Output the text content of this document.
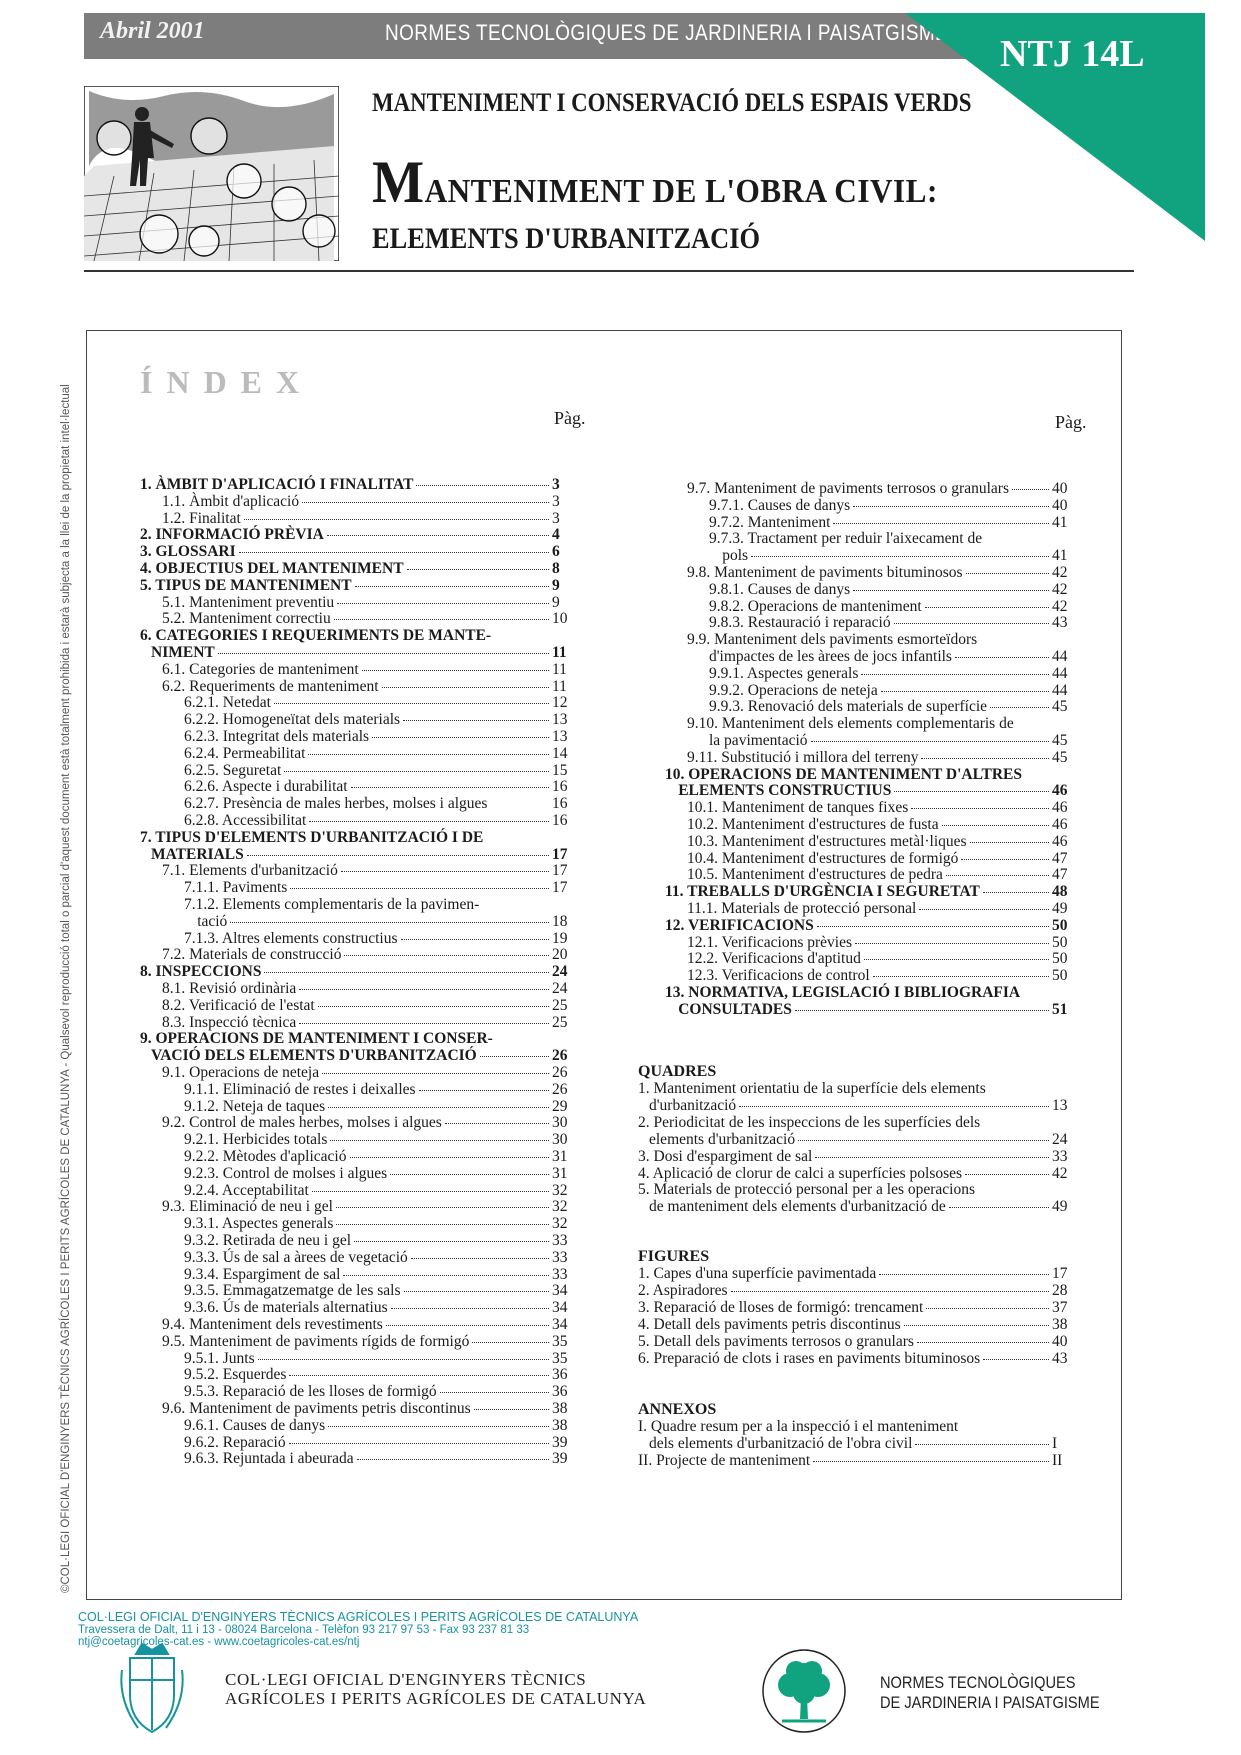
Abril 2001	NORMES TECNOLÒGIQUES DE JARDINERIA I PAISATGISME
NTJ 14L
MANTENIMENT I CONSERVACIÓ DELS ESPAIS VERDS
MANTENIMENT DE L'OBRA CIVIL:
ELEMENTS D'URBANITZACIÓ
©COL·LEGI OFICIAL D'ENGINYERS TÈCNICS AGRÍCOLES I PERITS AGRÍCOLES DE CATALUNYA - Qualsevol reproducció total o parcial d'aquest document està totalment prohibida i estarà subjecta a la llei de la propietat intel·lectual
ÍNDEX
Pàg.	Pàg.
1. ÀMBIT D'APLICACIÓ I FINALITAT	3
1.1. Àmbit d'aplicació	3
1.2. Finalitat	3
2. INFORMACIÓ PRÈVIA	4
3. GLOSSARI	6
4. OBJECTIUS DEL MANTENIMENT	8
5. TIPUS DE MANTENIMENT	9
5.1. Manteniment preventiu	9
5.2. Manteniment correctiu	10
6. CATEGORIES I REQUERIMENTS DE MANTE-
NIMENT	11
6.1. Categories de manteniment	11
6.2. Requeriments de manteniment	11
6.2.1. Netedat	12
6.2.2. Homogeneïtat dels materials	13
6.2.3. Integritat dels materials	13
6.2.4. Permeabilitat	14
6.2.5. Seguretat	15
6.2.6. Aspecte i durabilitat	16
6.2.7. Presència de males herbes, molses i algues	16
6.2.8. Accessibilitat	16
7. TIPUS D'ELEMENTS D'URBANITZACIÓ I DE
MATERIALS	17
7.1. Elements d'urbanització	17
7.1.1. Paviments	17
7.1.2. Elements complementaris de la pavimen-
tació	18
7.1.3. Altres elements constructius	19
7.2. Materials de construcció	20
8. INSPECCIONS	24
8.1. Revisió ordinària	24
8.2. Verificació de l'estat	25
8.3. Inspecció tècnica	25
9. OPERACIONS DE MANTENIMENT I CONSER-
VACIÓ DELS ELEMENTS D'URBANITZACIÓ	26
9.1. Operacions de neteja	26
9.1.1. Eliminació de restes i deixalles	26
9.1.2. Neteja de taques	29
9.2. Control de males herbes, molses i algues	30
9.2.1. Herbicides totals	30
9.2.2. Mètodes d'aplicació	31
9.2.3. Control de molses i algues	31
9.2.4. Acceptabilitat	32
9.3. Eliminació de neu i gel	32
9.3.1. Aspectes generals	32
9.3.2. Retirada de neu i gel	33
9.3.3. Ús de sal a àrees de vegetació	33
9.3.4. Espargiment de sal	33
9.3.5. Emmagatzematge de les sals	34
9.3.6. Ús de materials alternatius	34
9.4. Manteniment dels revestiments	34
9.5. Manteniment de paviments rígids de formigó	35
9.5.1. Junts	35
9.5.2. Esquerdes	36
9.5.3. Reparació de les lloses de formigó	36
9.6. Manteniment de paviments petris discontinus	38
9.6.1. Causes de danys	38
9.6.2. Reparació	39
9.6.3. Rejuntada i abeurada	39
9.7. Manteniment de paviments terrosos o granulars	40
9.7.1. Causes de danys	40
9.7.2. Manteniment	41
9.7.3. Tractament per reduir l'aixecament de
pols	41
9.8. Manteniment de paviments bituminosos	42
9.8.1. Causes de danys	42
9.8.2. Operacions de manteniment	42
9.8.3. Restauració i reparació	43
9.9. Manteniment dels paviments esmorteïdors
d'impactes de les àrees de jocs infantils	44
9.9.1. Aspectes generals	44
9.9.2. Operacions de neteja	44
9.9.3. Renovació dels materials de superfície	45
9.10. Manteniment dels elements complementaris de
la pavimentació	45
9.11. Substitució i millora del terreny	45
10. OPERACIONS DE MANTENIMENT D'ALTRES
ELEMENTS CONSTRUCTIUS	46
10.1. Manteniment de tanques fixes	46
10.2. Manteniment d'estructures de fusta	46
10.3. Manteniment d'estructures metàl·liques	46
10.4. Manteniment d'estructures de formigó	47
10.5. Manteniment d'estructures de pedra	47
11. TREBALLS D'URGÈNCIA I SEGURETAT	48
11.1. Materials de protecció personal	49
12. VERIFICACIONS	50
12.1. Verificacions prèvies	50
12.2. Verificacions d'aptitud	50
12.3. Verificacions de control	50
13. NORMATIVA, LEGISLACIÓ I BIBLIOGRAFIA
CONSULTADES	51
QUADRES
1. Manteniment orientatiu de la superfície dels elements
d'urbanització	13
2. Periodicitat de les inspeccions de les superfícies dels
elements d'urbanització	24
3. Dosi d'espargiment de sal	33
4. Aplicació de clorur de calci a superfícies polsoses	42
5. Materials de protecció personal per a les operacions
de manteniment dels elements d'urbanització de	49
FIGURES
1. Capes d'una superfície pavimentada	17
2. Aspiradores	28
3. Reparació de lloses de formigó: trencament	37
4. Detall dels paviments petris discontinus	38
5. Detall dels paviments terrosos o granulars	40
6. Preparació de clots i rases en paviments bituminosos	43
ANNEXOS
I. Quadre resum per a la inspecció i el manteniment
dels elements d'urbanització de l'obra civil	I
II. Projecte de manteniment	II
COL·LEGI OFICIAL D'ENGINYERS TÈCNICS AGRÍCOLES I PERITS AGRÍCOLES DE CATALUNYA
Travessera de Dalt, 11 i 13 - 08024 Barcelona - Telèfon 93 217 97 53 - Fax 93 237 81 33
ntj@coetagricoles-cat.es - www.coetagricoles-cat.es/ntj
COL·LEGI OFICIAL D'ENGINYERS TÈCNICS
AGRÍCOLES I PERITS AGRÍCOLES DE CATALUNYA
NORMES TECNOLÒGIQUES
DE JARDINERIA I PAISATGISME
